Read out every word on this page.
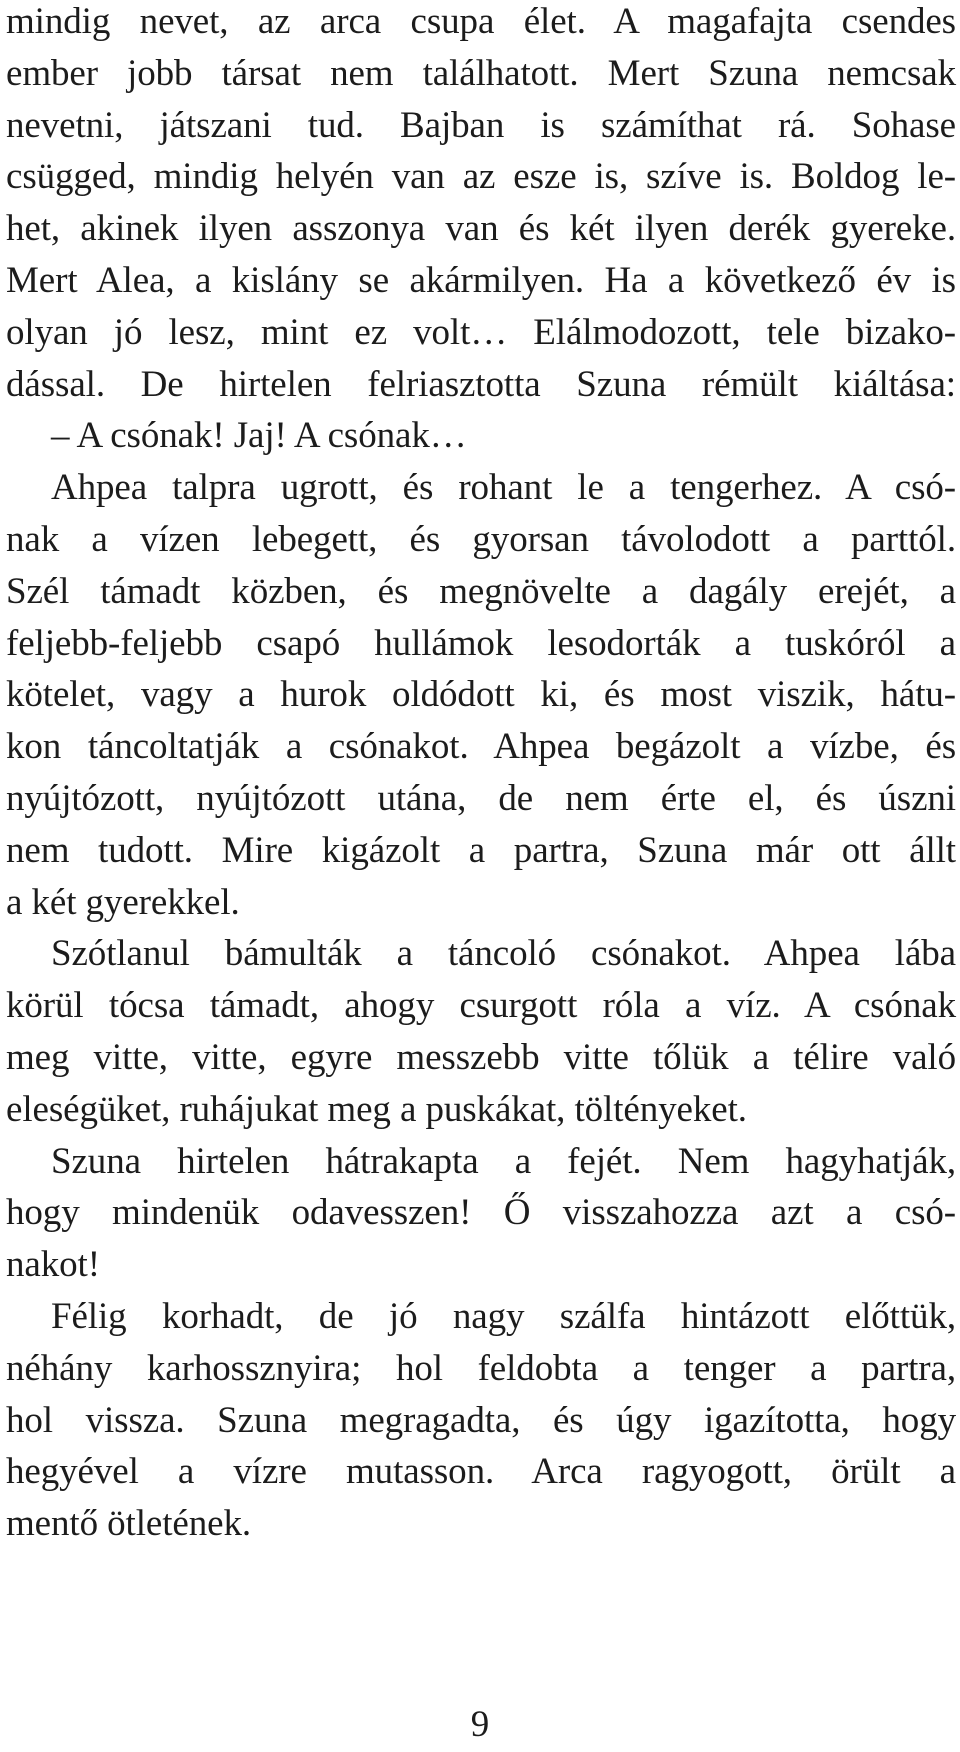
mindig nevet, az arca csupa élet. A magafajta csendes
ember jobb társat nem találhatott. Mert Szuna nemcsak
nevetni, játszani tud. Bajban is számíthat rá. Sohase
csügged, mindig helyén van az esze is, szíve is. Boldog le-
het, akinek ilyen asszonya van és két ilyen derék gyereke.
Mert Alea, a kislány se akármilyen. Ha a következő év is
olyan jó lesz, mint ez volt… Elálmodozott, tele bizako-
dással. De hirtelen felriasztotta Szuna rémült kiáltása:
– A csónak! Jaj! A csónak…
Ahpea talpra ugrott, és rohant le a tengerhez. A csó-
nak a vízen lebegett, és gyorsan távolodott a parttól.
Szél támadt közben, és megnövelte a dagály erejét, a
feljebb-feljebb csapó hullámok lesodorták a tuskóról a
kötelet, vagy a hurok oldódott ki, és most viszik, hátu-
kon táncoltatják a csónakot. Ahpea begázolt a vízbe, és
nyújtózott, nyújtózott utána, de nem érte el, és úszni
nem tudott. Mire kigázolt a partra, Szuna már ott állt
a két gyerekkel.
Szótlanul bámulták a táncoló csónakot. Ahpea lába
körül tócsa támadt, ahogy csurgott róla a víz. A csónak
meg vitte, vitte, egyre messzebb vitte tőlük a télire való
eleségüket, ruhájukat meg a puskákat, töltényeket.
Szuna hirtelen hátrakapta a fejét. Nem hagyhatják,
hogy mindenük odavesszen! Ő visszahozza azt a csó-
nakot!
Félig korhadt, de jó nagy szálfa hintázott előttük,
néhány karhossznyira; hol feldobta a tenger a partra,
hol vissza. Szuna megragadta, és úgy igazította, hogy
hegyével a vízre mutasson. Arca ragyogott, örült a
mentő ötletének.
9
